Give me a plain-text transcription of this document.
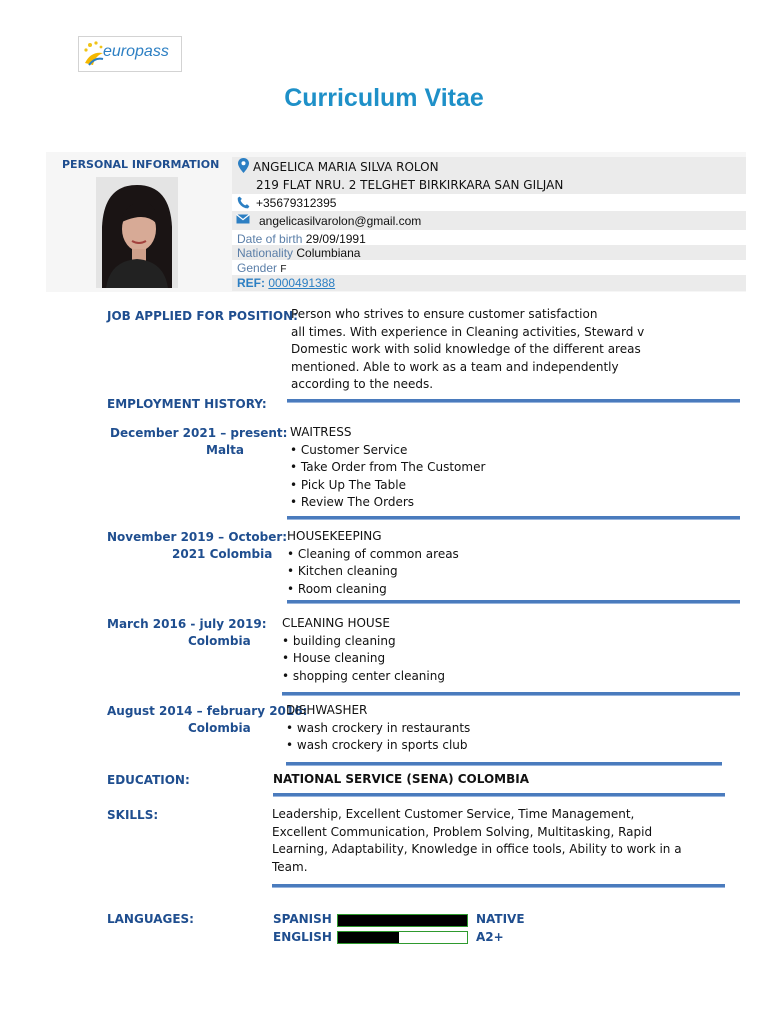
europass
Curriculum Vitae
PERSONAL INFORMATION	ANGELICA MARIA SILVA ROLON
219 FLAT NRU. 2 TELGHET BIRKIRKARA SAN GILJAN
+35679312395
angelicasilvarolon@gmail.com
Date of birth 29/09/1991
Nationality Columbiana
Gender F
REF: 0000491388
JOB APPLIED FOR POSITION:
Person who strives to ensure customer satisfaction
all times. With experience in Cleaning activities, Steward v
Domestic work with solid knowledge of the different areas
mentioned. Able to work as a team and independently
according to the needs.
EMPLOYMENT HISTORY:
December 2021 – present:
Malta
WAITRESS
• Customer Service
• Take Order from The Customer
• Pick Up The Table
• Review The Orders
November 2019 – October:
2021 Colombia
HOUSEKEEPING
• Cleaning of common areas
• Kitchen cleaning
• Room cleaning
March 2016 - july 2019:
Colombia
CLEANING HOUSE
• building cleaning
• House cleaning
• shopping center cleaning
August 2014 – february 2016:
Colombia
DISHWASHER
• wash crockery in restaurants
• wash crockery in sports club
EDUCATION:	NATIONAL SERVICE (SENA) COLOMBIA
SKILLS:	Leadership, Excellent Customer Service, Time Management,
Excellent Communication, Problem Solving, Multitasking, Rapid
Learning, Adaptability, Knowledge in office tools, Ability to work in a
Team.
LANGUAGES:	SPANISH	NATIVE
ENGLISH	A2+
